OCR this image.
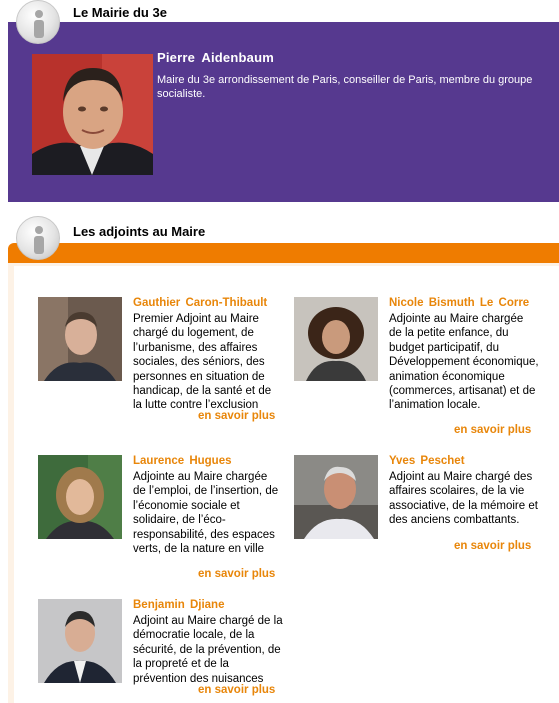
Le Mairie du 3e
Pierre Aidenbaum
Maire du 3e arrondissement de Paris, conseiller de Paris, membre du groupe socialiste.
Les adjoints au Maire
Gauthier Caron-Thibault
Premier Adjoint au Maire chargé du logement, de l’urbanisme, des affaires sociales, des séniors, des personnes en situation de handicap, de la santé et de la lutte contre l’exclusion
en savoir plus
Nicole Bismuth Le Corre
Adjointe au Maire chargée de la petite enfance, du budget participatif, du Développement économique, animation économique (commerces, artisanat) et de l’animation locale.
en savoir plus
Laurence Hugues
Adjointe au Maire chargée de l’emploi, de l’insertion, de l’économie sociale et solidaire, de l’éco-responsabilité, des espaces verts, de la nature en ville
en savoir plus
Yves Peschet
Adjoint au Maire chargé des affaires scolaires, de la vie associative, de la mémoire et des anciens combattants.
en savoir plus
Benjamin Djiane
Adjoint au Maire chargé de la démocratie locale, de la sécurité, de la prévention, de la propreté et de la prévention des nuisances
en savoir plus
